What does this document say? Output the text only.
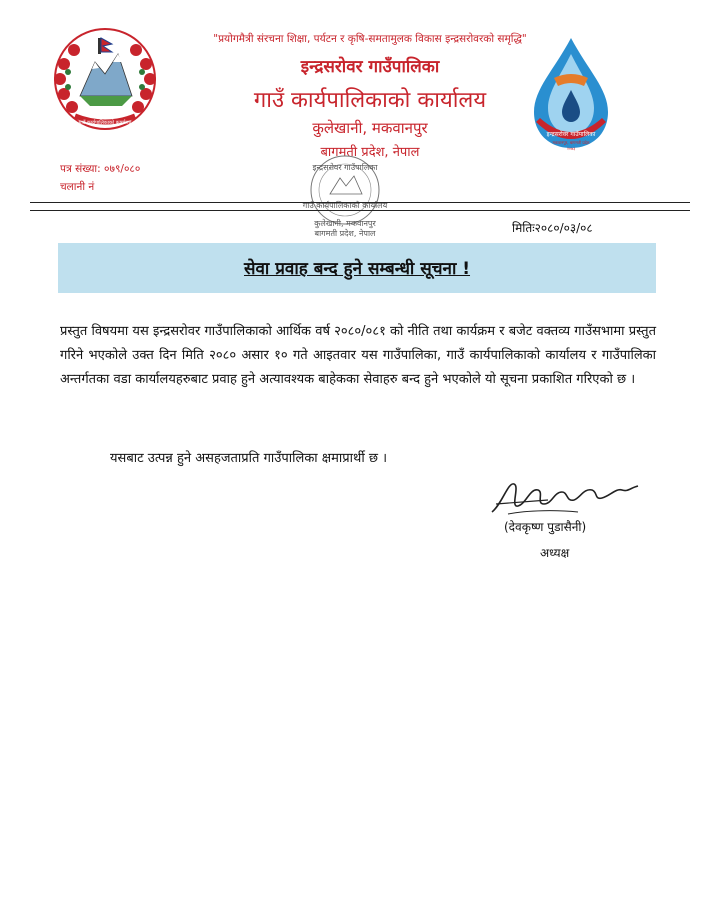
गाउँ कार्यपालिकाको कार्यालय
"प्रयोगमैत्री संरचना शिक्षा, पर्यटन र कृषि-समतामुलक विकास इन्द्रसरोवरको समृद्धि"
इन्द्रसरोवर गाउँपालिका
गाउँ कार्यपालिकाको कार्यालय
कुलेखानी, मकवानपुर
बागमती प्रदेश, नेपाल
इन्द्रसरोवर गाउँपालिका
मकवानपुर, बागमती प्रदेश
२०७३
पत्र संख्या: ०७९/०८०
चलानी नं
इन्द्रसरोवर गाउँपालिका
गाउँ कार्यपालिकाको कार्यालय
कुलेखानी, मकवानपुर
बागमती प्रदेश, नेपाल	मितिः२०८०/०३/०८
सेवा प्रवाह बन्द हुने सम्बन्धी सूचना !
प्रस्तुत विषयमा यस इन्द्रसरोवर गाउँपालिकाको आर्थिक वर्ष २०८०/०८१ को नीति तथा कार्यक्रम र बजेट वक्तव्य गाउँसभामा प्रस्तुत गरिने भएकोले उक्त दिन मिति २०८० असार १० गते आइतवार यस गाउँपालिका, गाउँ कार्यपालिकाको कार्यालय र गाउँपालिका अन्तर्गतका वडा कार्यालयहरुबाट प्रवाह हुने अत्यावश्यक बाहेकका सेवाहरु बन्द हुने भएकोले यो सूचना प्रकाशित गरिएको छ ।
यसबाट उत्पन्न हुने असहजताप्रति गाउँपालिका क्षमाप्रार्थी छ ।
(देवकृष्ण पुडासैनी)
अध्यक्ष
